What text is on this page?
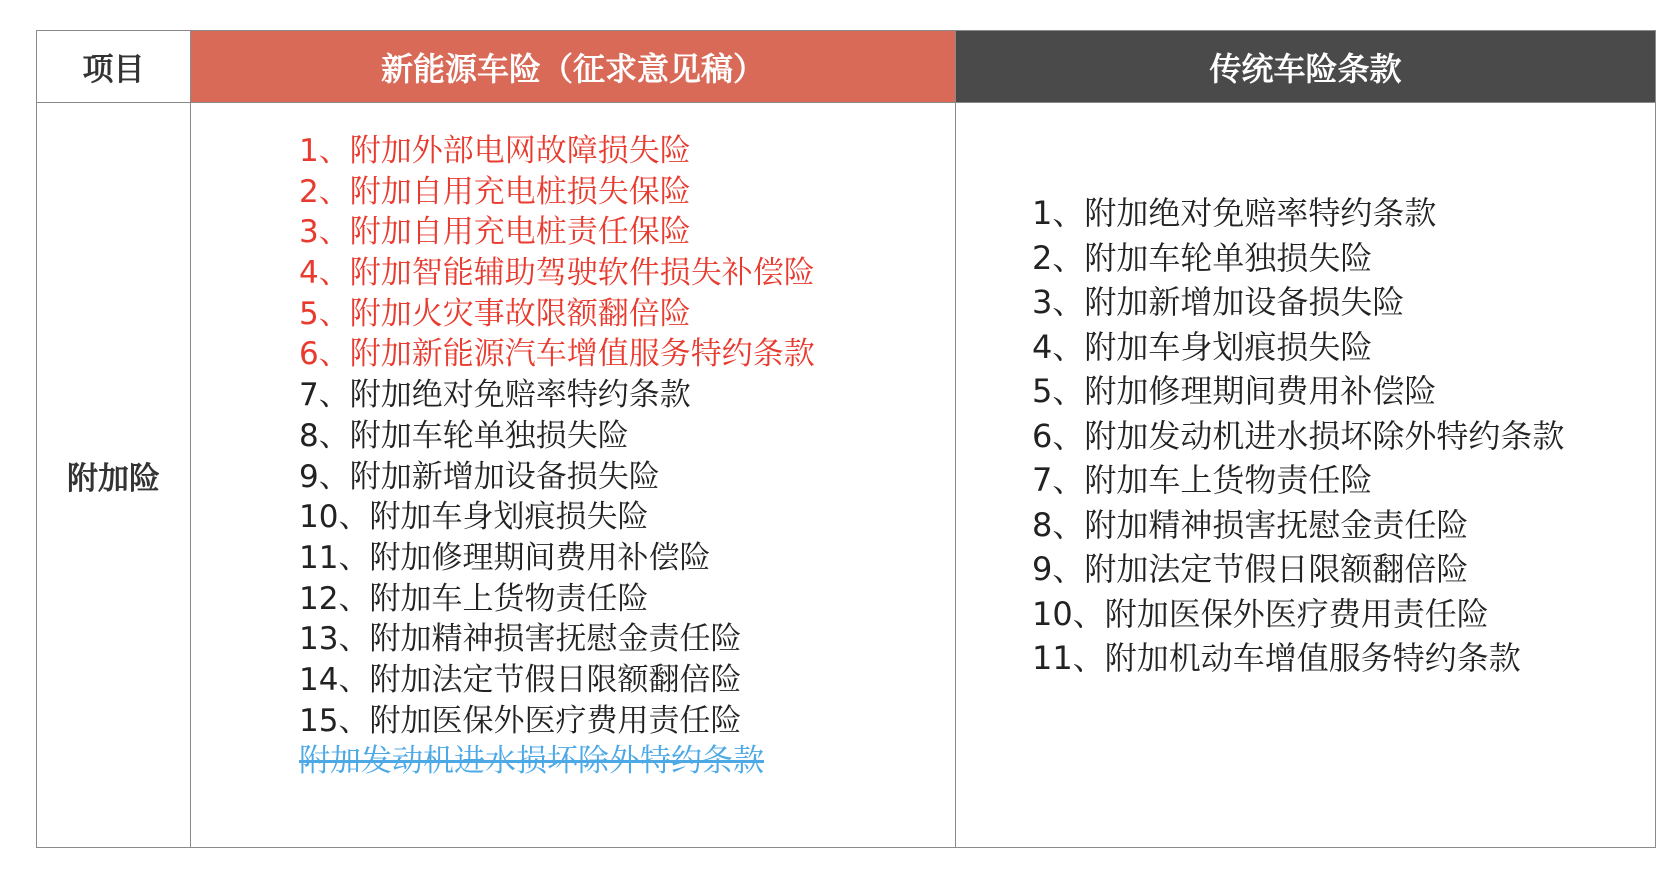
项目	新能源车险（征求意见稿）	传统车险条款
附加险
1、附加外部电网故障损失险
2、附加自用充电桩损失保险
3、附加自用充电桩责任保险
4、附加智能辅助驾驶软件损失补偿险
5、附加火灾事故限额翻倍险
6、附加新能源汽车增值服务特约条款
7、附加绝对免赔率特约条款
8、附加车轮单独损失险
9、附加新增加设备损失险
10、附加车身划痕损失险
11、附加修理期间费用补偿险
12、附加车上货物责任险
13、附加精神损害抚慰金责任险
14、附加法定节假日限额翻倍险
15、附加医保外医疗费用责任险
附加发动机进水损坏除外特约条款
1、附加绝对免赔率特约条款
2、附加车轮单独损失险
3、附加新增加设备损失险
4、附加车身划痕损失险
5、附加修理期间费用补偿险
6、附加发动机进水损坏除外特约条款
7、附加车上货物责任险
8、附加精神损害抚慰金责任险
9、附加法定节假日限额翻倍险
10、附加医保外医疗费用责任险
11、附加机动车增值服务特约条款
